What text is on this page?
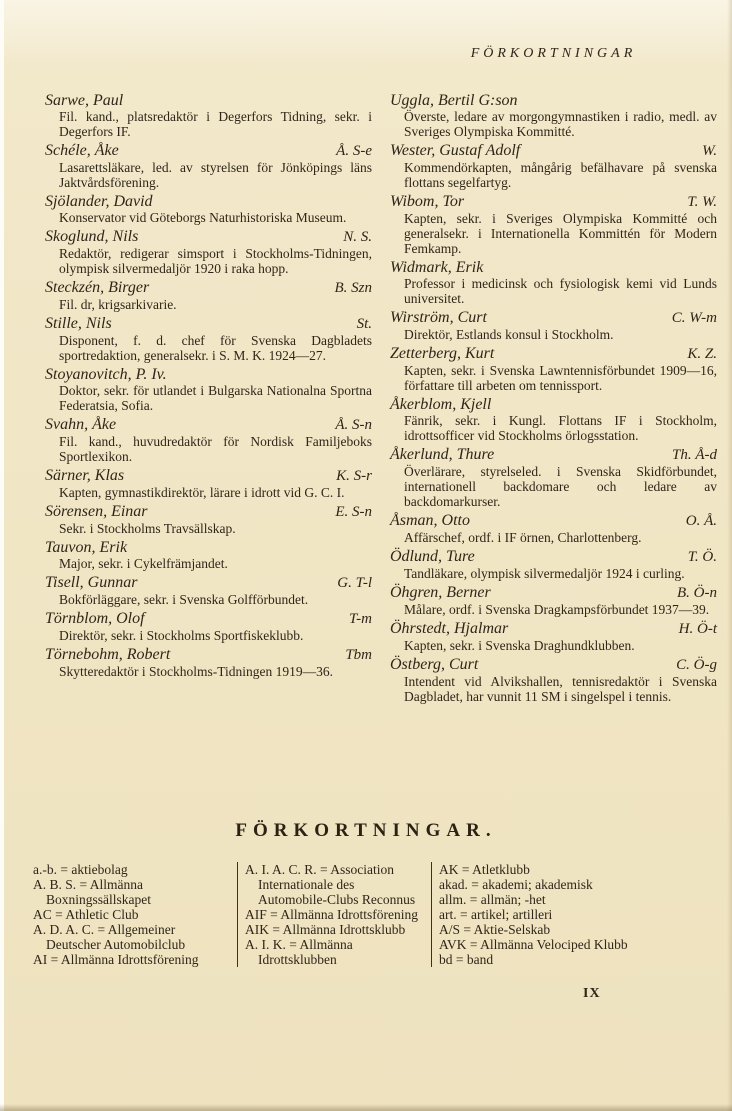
FÖRKORTNINGAR
Sarwe, Paul

Fil. kand., platsredaktör i Degerfors Tidning, sekr. i Degerfors IF.

Schéle, Åke	Å. S-e

Lasarettsläkare, led. av styrelsen för Jönköpings läns Jaktvårdsförening.

Sjölander, David

Konservator vid Göteborgs Naturhistoriska Museum.

Skoglund, Nils	N. S.

Redaktör, redigerar simsport i Stockholms-Tidningen, olympisk silvermedaljör 1920 i raka hopp.

Steckzén, Birger	B. Szn

Fil. dr, krigsarkivarie.

Stille, Nils	St.

Disponent, f. d. chef för Svenska Dagbladets sportredaktion, generalsekr. i S. M. K. 1924—27.

Stoyanovitch, P. Iv.

Doktor, sekr. för utlandet i Bulgarska Nationalna Sportna Federatsia, Sofia.

Svahn, Åke	Å. S-n

Fil. kand., huvudredaktör för Nordisk Familjeboks Sportlexikon.

Särner, Klas	K. S-r

Kapten, gymnastikdirektör, lärare i idrott vid G. C. I.

Sörensen, Einar	E. S-n

Sekr. i Stockholms Travsällskap.

Tauvon, Erik

Major, sekr. i Cykelfrämjandet.

Tisell, Gunnar	G. T-l

Bokförläggare, sekr. i Svenska Golfförbundet.

Törnblom, Olof	T-m

Direktör, sekr. i Stockholms Sportfiskeklubb.

Törnebohm, Robert	Tbm

Skytteredaktör i Stockholms-Tidningen 1919—36.

Uggla, Bertil G:son

Överste, ledare av morgongymnastiken i radio, medl. av Sveriges Olympiska Kommitté.

Wester, Gustaf Adolf	W.

Kommendörkapten, mångårig befälhavare på svenska flottans segelfartyg.

Wibom, Tor	T. W.

Kapten, sekr. i Sveriges Olympiska Kommitté och generalsekr. i Internationella Kommittén för Modern Femkamp.

Widmark, Erik

Professor i medicinsk och fysiologisk kemi vid Lunds universitet.

Wirström, Curt	C. W-m

Direktör, Estlands konsul i Stockholm.

Zetterberg, Kurt	K. Z.

Kapten, sekr. i Svenska Lawntennisförbundet 1909—16, författare till arbeten om tennissport.

Åkerblom, Kjell

Fänrik, sekr. i Kungl. Flottans IF i Stockholm, idrottsofficer vid Stockholms örlogsstation.

Åkerlund, Thure	Th. Å-d

Överlärare, styrelseled. i Svenska Skidförbundet, internationell backdomare och ledare av backdomarkurser.

Åsman, Otto	O. Å.

Affärschef, ordf. i IF örnen, Charlottenberg.

Ödlund, Ture	T. Ö.

Tandläkare, olympisk silvermedaljör 1924 i curling.

Öhgren, Berner	B. Ö-n

Målare, ordf. i Svenska Dragkampsförbundet 1937—39.

Öhrstedt, Hjalmar	H. Ö-t

Kapten, sekr. i Svenska Draghundklubben.

Östberg, Curt	C. Ö-g

Intendent vid Alvikshallen, tennisredaktör i Svenska Dagbladet, har vunnit 11 SM i singelspel i tennis.

FÖRKORTNINGAR.
a.-b. = aktiebolag
A. B. S. = Allmänna Boxningssällskapet
AC = Athletic Club
A. D. A. C. = Allgemeiner Deutscher Automobilclub
AI = Allmänna Idrottsförening
A. I. A. C. R. = Association Internationale des Automobile-Clubs Reconnus
AIF = Allmänna Idrottsförening
AIK = Allmänna Idrottsklubb
A. I. K. = Allmänna Idrottsklubben
AK = Atletklubb
akad. = akademi; akademisk
allm. = allmän; -het
art. = artikel; artilleri
A/S = Aktie-Selskab
AVK = Allmänna Velociped Klubb
bd = band
IX
